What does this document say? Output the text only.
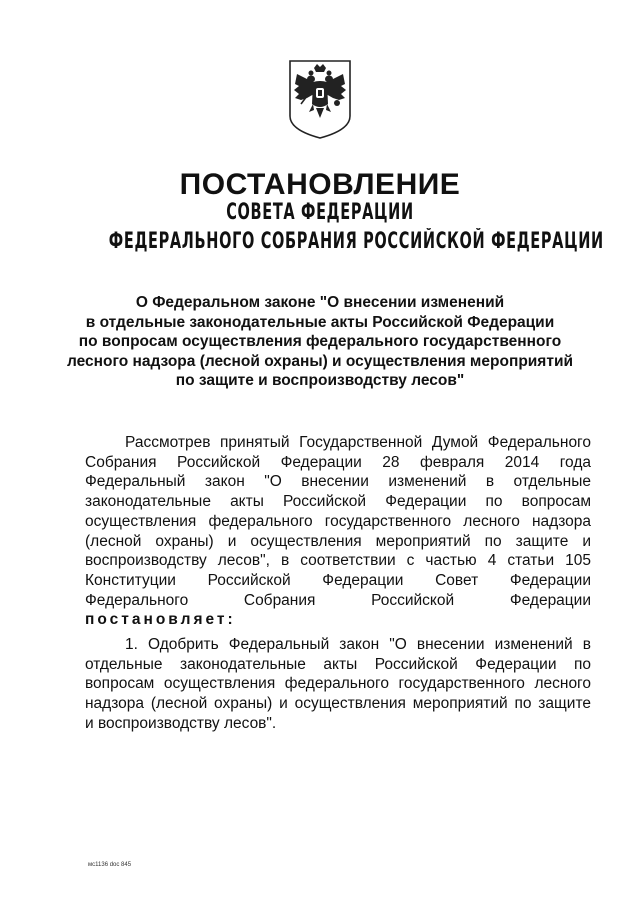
ПОСТАНОВЛЕНИЕ
СОВЕТА ФЕДЕРАЦИИ
ФЕДЕРАЛЬНОГО СОБРАНИЯ РОССИЙСКОЙ ФЕДЕРАЦИИ
О Федеральном законе "О внесении изменений
в отдельные законодательные акты Российской Федерации
по вопросам осуществления федерального государственного
лесного надзора (лесной охраны) и осуществления мероприятий
по защите и воспроизводству лесов"
Рассмотрев принятый Государственной Думой Федерального
Собрания Российской Федерации 28 февраля 2014 года
Федеральный закон "О внесении изменений в отдельные
законодательные акты Российской Федерации по вопросам
осуществления федерального государственного лесного надзора
(лесной охраны) и осуществления мероприятий по защите и
воспроизводству лесов", в соответствии с частью 4 статьи 105
Конституции Российской Федерации Совет Федерации
Федерального Собрания Российской Федерации
постановляет:
1. Одобрить Федеральный закон "О внесении изменений в
отдельные законодательные акты Российской Федерации по
вопросам осуществления федерального государственного лесного
надзора (лесной охраны) и осуществления мероприятий по защите
и воспроизводству лесов".
мс1136 doc 845
